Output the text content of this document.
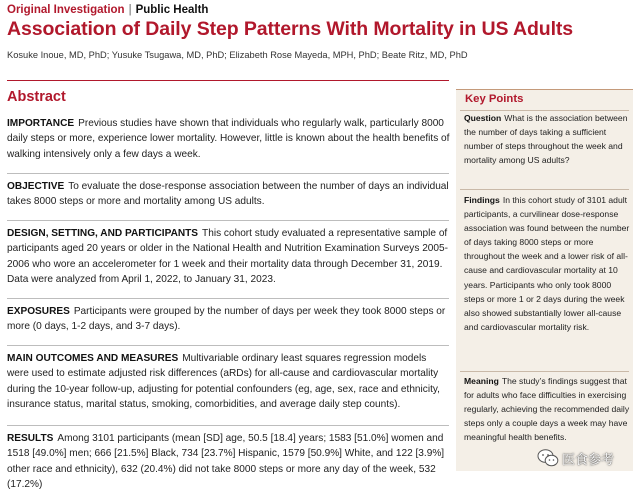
Original Investigation | Public Health
Association of Daily Step Patterns With Mortality in US Adults
Kosuke Inoue, MD, PhD; Yusuke Tsugawa, MD, PhD; Elizabeth Rose Mayeda, MPH, PhD; Beate Ritz, MD, PhD
Abstract
IMPORTANCE Previous studies have shown that individuals who regularly walk, particularly 8000 daily steps or more, experience lower mortality. However, little is known about the health benefits of walking intensively only a few days a week.
OBJECTIVE To evaluate the dose-response association between the number of days an individual takes 8000 steps or more and mortality among US adults.
DESIGN, SETTING, AND PARTICIPANTS This cohort study evaluated a representative sample of participants aged 20 years or older in the National Health and Nutrition Examination Surveys 2005-2006 who wore an accelerometer for 1 week and their mortality data through December 31, 2019. Data were analyzed from April 1, 2022, to January 31, 2023.
EXPOSURES Participants were grouped by the number of days per week they took 8000 steps or more (0 days, 1-2 days, and 3-7 days).
MAIN OUTCOMES AND MEASURES Multivariable ordinary least squares regression models were used to estimate adjusted risk differences (aRDs) for all-cause and cardiovascular mortality during the 10-year follow-up, adjusting for potential confounders (eg, age, sex, race and ethnicity, insurance status, marital status, smoking, comorbidities, and average daily step counts).
RESULTS Among 3101 participants (mean [SD] age, 50.5 [18.4] years; 1583 [51.0%] women and 1518 [49.0%] men; 666 [21.5%] Black, 734 [23.7%] Hispanic, 1579 [50.9%] White, and 122 [3.9%] other race and ethnicity), 632 (20.4%) did not take 8000 steps or more any day of the week, 532 (17.2%)
Key Points
Question What is the association between the number of days taking a sufficient number of steps throughout the week and mortality among US adults?
Findings In this cohort study of 3101 adult participants, a curvilinear dose-response association was found between the number of days taking 8000 steps or more throughout the week and a lower risk of all-cause and cardiovascular mortality at 10 years. Participants who only took 8000 steps or more 1 or 2 days during the week also showed substantially lower all-cause and cardiovascular mortality risk.
Meaning The study’s findings suggest that for adults who face difficulties in exercising regularly, achieving the recommended daily steps only a couple days a week may have meaningful health benefits.
医食参考
